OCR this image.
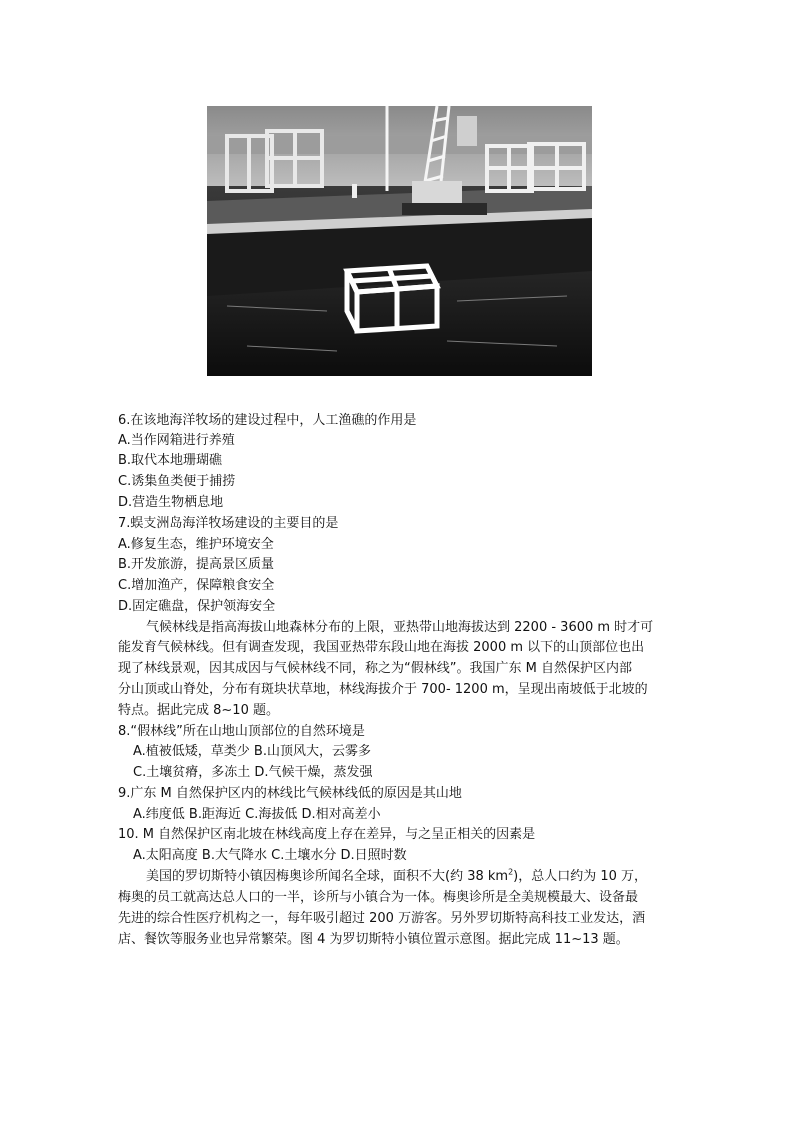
6.在该地海洋牧场的建设过程中，人工渔礁的作用是
A.当作网箱进行养殖
B.取代本地珊瑚礁
C.诱集鱼类便于捕捞
D.营造生物栖息地
7.蜈支洲岛海洋牧场建设的主要目的是
A.修复生态，维护环境安全
B.开发旅游，提高景区质量
C.增加渔产，保障粮食安全
D.固定礁盘，保护领海安全
气候林线是指高海拔山地森林分布的上限，亚热带山地海拔达到 2200 - 3600 m 时才可
能发育气候林线。但有调查发现，我国亚热带东段山地在海拔 2000 m 以下的山顶部位也出
现了林线景观，因其成因与气候林线不同，称之为“假林线”。我国广东 M 自然保护区内部
分山顶或山脊处，分布有斑块状草地，林线海拔介于 700- 1200 m，呈现出南坡低于北坡的
特点。据此完成 8~10 题。
8.“假林线”所在山地山顶部位的自然环境是
A.植被低矮，草类少 B.山顶风大，云雾多
C.土壤贫瘠，多冻土 D.气候干燥，蒸发强
9.广东 M 自然保护区内的林线比气候林线低的原因是其山地
A.纬度低 B.距海近 C.海拔低 D.相对高差小
10. M 自然保护区南北坡在林线高度上存在差异，与之呈正相关的因素是
A.太阳高度 B.大气降水 C.土壤水分 D.日照时数
美国的罗切斯特小镇因梅奥诊所闻名全球，面积不大(约 38 $km^2$)，总人口约为 10 万，
梅奥的员工就高达总人口的一半，诊所与小镇合为一体。梅奥诊所是全美规模最大、设备最
先进的综合性医疗机构之一，每年吸引超过 200 万游客。另外罗切斯特高科技工业发达，酒
店、餐饮等服务业也异常繁荣。图 4 为罗切斯特小镇位置示意图。据此完成 11~13 题。
